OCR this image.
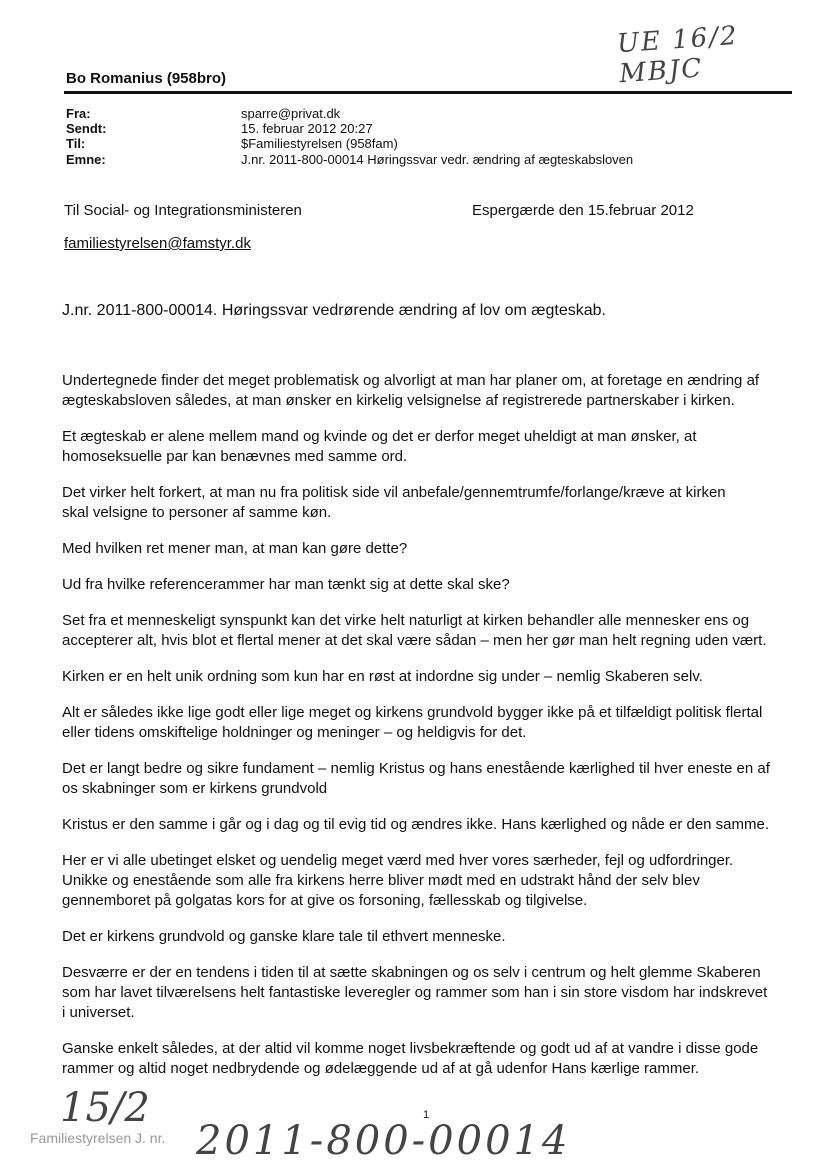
UE 16/2 MBJC
Bo Romanius (958bro)
Fra:	sparre@privat.dk
Sendt:	15. februar 2012 20:27
Til:	$Familiestyrelsen (958fam)
Emne:	J.nr. 2011-800-00014 Høringssvar vedr. ændring af ægteskabsloven
Til Social- og Integrationsministeren	Espergærde den 15.februar 2012
familiestyrelsen@famstyr.dk
J.nr. 2011-800-00014. Høringssvar vedrørende ændring af lov om ægteskab.

Undertegnede finder det meget problematisk og alvorligt at man har planer om, at foretage en ændring af
ægteskabsloven således, at man ønsker en kirkelig velsignelse af registrerede partnerskaber i kirken.

Et ægteskab er alene mellem mand og kvinde og det er derfor meget uheldigt at man ønsker, at
homoseksuelle par kan benævnes med samme ord.

Det virker helt forkert, at man nu fra politisk side vil anbefale/gennemtrumfe/forlange/kræve at kirken
skal velsigne to personer af samme køn.

Med hvilken ret mener man, at man kan gøre dette?

Ud fra hvilke referencerammer har man tænkt sig at dette skal ske?

Set fra et menneskeligt synspunkt kan det virke helt naturligt at kirken behandler alle mennesker ens og
accepterer alt, hvis blot et flertal mener at det skal være sådan – men her gør man helt regning uden vært.

Kirken er en helt unik ordning som kun har en røst at indordne sig under – nemlig Skaberen selv.

Alt er således ikke lige godt eller lige meget og kirkens grundvold bygger ikke på et tilfældigt politisk flertal
eller tidens omskiftelige holdninger og meninger – og heldigvis for det.

Det er langt bedre og sikre fundament – nemlig Kristus og hans enestående kærlighed til hver eneste en af
os skabninger som er kirkens grundvold

Kristus er den samme i går og i dag og til evig tid og ændres ikke. Hans kærlighed og nåde er den samme.

Her er vi alle ubetinget elsket og uendelig meget værd med hver vores særheder, fejl og udfordringer.
Unikke og enestående som alle fra kirkens herre bliver mødt med en udstrakt hånd der selv blev
gennemboret på golgatas kors for at give os forsoning, fællesskab og tilgivelse.

Det er kirkens grundvold og ganske klare tale til ethvert menneske.

Desværre er der en tendens i tiden til at sætte skabningen og os selv i centrum og helt glemme Skaberen
som har lavet tilværelsens helt fantastiske leveregler og rammer som han i sin store visdom har indskrevet
i universet.

Ganske enkelt således, at der altid vil komme noget livsbekræftende og godt ud af at vandre i disse gode
rammer og altid noget nedbrydende og ødelæggende ud af at gå udenfor Hans kærlige rammer.

1
15/2
Familiestyrelsen J. nr. 2011-800-00014
